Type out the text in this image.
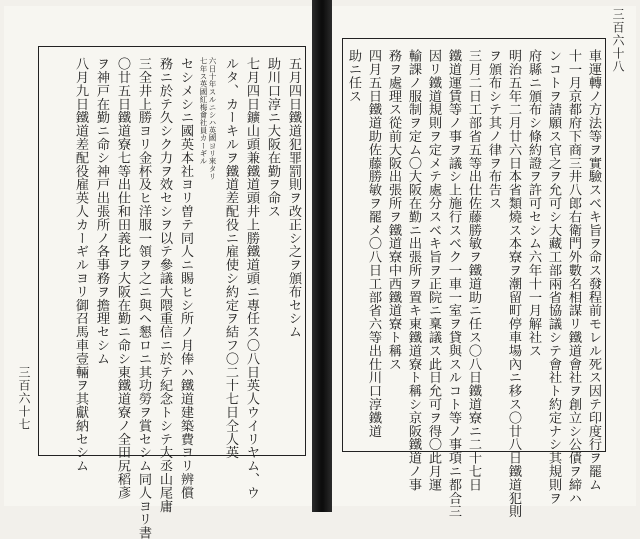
三百六十七
五月四日鐵道犯罪罰則ヲ改正シ之ヲ頒布セシム
助川口淳ニ大阪在勤ヲ命ス
七月四日鑛山頭兼鐵道頭井上勝鐵道頭ニ專任ス〇八日英人ウイリヤム、ウ
ルタ、カーキルヲ鐵道差配役ニ雇使シ約定ヲ結フ〇二十七日仝人英
六日十年スルニシハ英國ヨリ來タリ
七年ス英國紅梅會社員カーギル
セシメシニ國英本社ヨリ曽テ同人ニ賜ヒシ所ノ月俸ハ鐵道建築費ヨリ辨償
務ニ於テ久シク力ヲ效セシヲ以テ參議大隈重信ニ於テ紀念トシテ大丞山尾庸
三全井上勝ヨリ金杯及ヒ洋服一領ヲ之ニ與ヘ懇ロニ其功勞ヲ賞セシム同人ヨリ書
〇廿五日鐵道寮七等出仕和田義比ヲ大阪在勤ニ命シ東鐵道寮ノ全田尻稻彥
ヲ神戸在勤ニ命シ神戸出張所ノ各事務ヲ擔理セシム
八月九日鐵道差配役雇英人カーギルヨリ御召馬車壹輛ヲ其獻納セシム
三百六十八
車運轉ノ方法等ヲ實驗スベキ旨ヲ命ス發程前モレル死ス因テ印度行ヲ罷ム
十一月京都府下商三井八郎右衛門外數名相謀リ鐵道會社ヲ創立シ公債ヲ締ハ
ンコトヲ請願ス官之ヲ允可シ大藏工部兩省協議シテ會社ト約定ナシ其規則ヲ
府縣ニ頒布シ條約證ヲ許可セシム六年十一月解社ス
明治五年二月廿六日本省類燒ス本寮ヲ潮留町停車場內ニ移ス〇廿八日鐵道犯則
ヲ頒布シテ其ノ律ヲ布告ス
三月二日工部省五等出仕佐藤勝敏ヲ鐵道助ニ任ス〇八日鐵道寮ニ二十七日
鐵道運賃等ノ事ヲ議シ上施行スベク一車一室ヲ貸與スルコト等ノ事項ニ都合三
因リ鐵道規則ヲ定メテ處分スベキ旨ヲ正院ニ稟議ス此日允可ヲ得〇此月運
輸課ノ服制ヲ定ム〇大阪在勤ニ出張所ヲ置キ東鐵道寮ト稱シ京阪鐵道ノ事
務ヲ處理ス從前大阪出張所ヲ鐵道寮中西鐵道寮ト稱ス
四月五日鐵道助佐藤勝敏ヲ罷メ〇八日工部省六等出仕川口淳鐵道
助ニ任ス
